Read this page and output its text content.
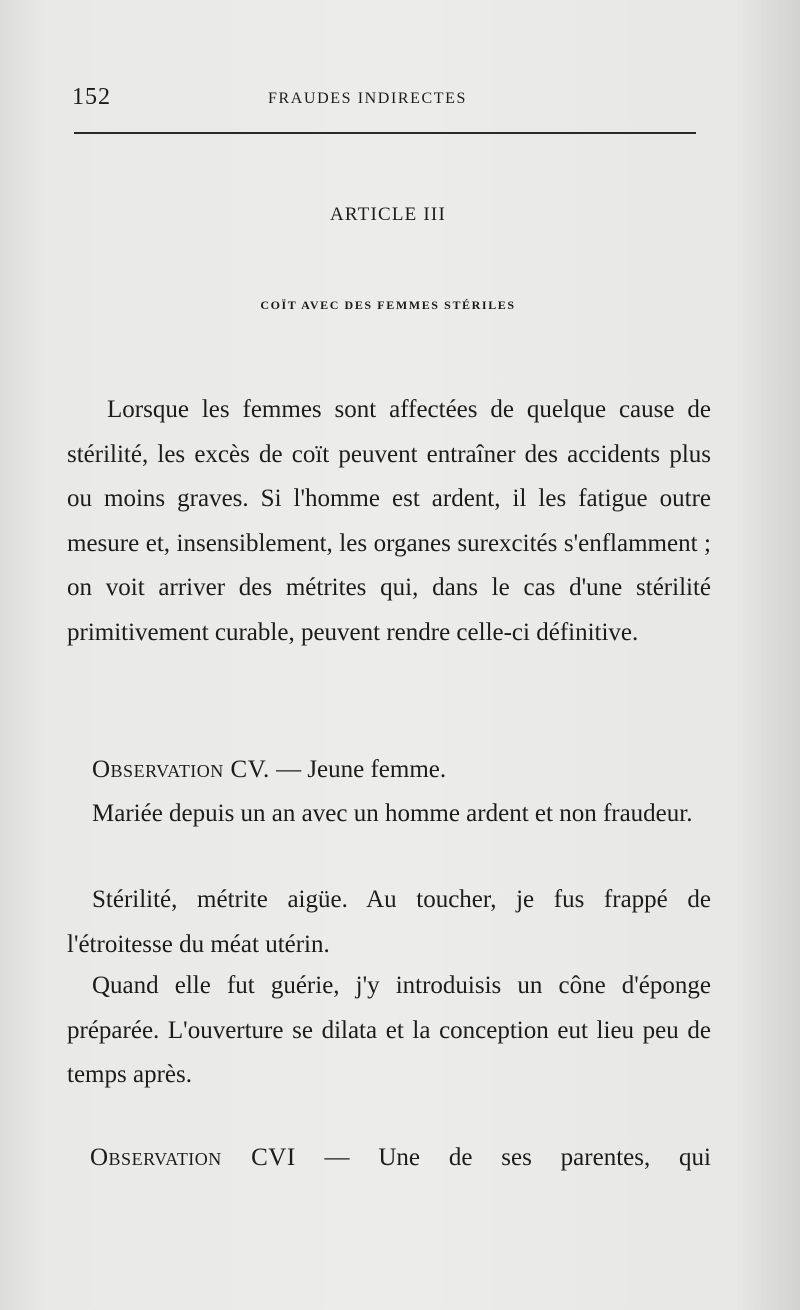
152	FRAUDES INDIRECTES
ARTICLE III
COÏT AVEC DES FEMMES STÉRILES

Lorsque les femmes sont affectées de quelque cause de stérilité, les excès de coït peuvent entraîner des accidents plus ou moins graves. Si l'homme est ardent, il les fatigue outre mesure et, insensiblement, les organes surexcités s'enflamment ; on voit arriver des métrites qui, dans le cas d'une stérilité primitivement curable, peuvent rendre celle-ci définitive.

Observation CV. — Jeune femme.

Mariée depuis un an avec un homme ardent et non fraudeur.

Stérilité, métrite aigüe. Au toucher, je fus frappé de l'étroitesse du méat utérin.

Quand elle fut guérie, j'y introduisis un cône d'éponge préparée. L'ouverture se dilata et la conception eut lieu peu de temps après.

Observation CVI — Une de ses parentes, qui
